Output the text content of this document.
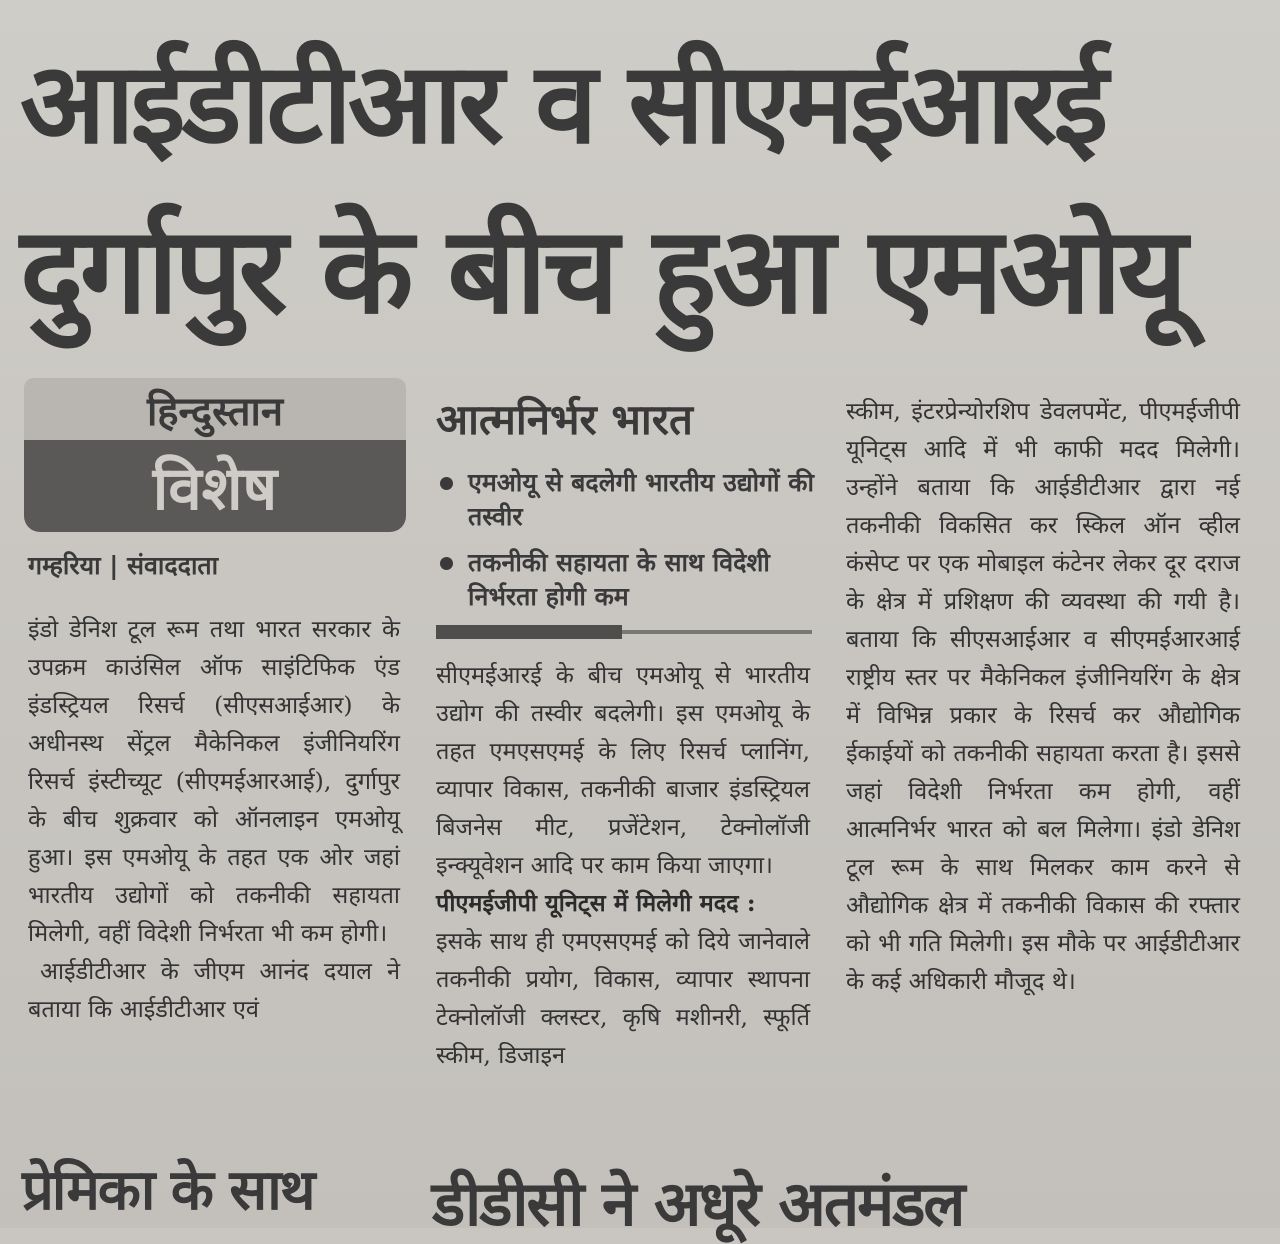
आईडीटीआर व सीएमईआरई
दुर्गापुर के बीच हुआ एमओयू
हिन्दुस्तान
विशेष
गम्हरिया | संवाददाता

इंडो डेनिश टूल रूम तथा भारत सरकार के उपक्रम काउंसिल ऑफ साइंटिफिक एंड इंडस्ट्रियल रिसर्च (सीएसआईआर) के अधीनस्थ सेंट्रल मैकेनिकल इंजीनियरिंग रिसर्च इंस्टीच्यूट (सीएमईआरआई), दुर्गापुर के बीच शुक्रवार को ऑनलाइन एमओयू हुआ। इस एमओयू के तहत एक ओर जहां भारतीय उद्योगों को तकनीकी सहायता मिलेगी, वहीं विदेशी निर्भरता भी कम होगी।

आईडीटीआर के जीएम आनंद दयाल ने बताया कि आईडीटीआर एवं

आत्मनिर्भर भारत
एमओयू से बदलेगी भारतीय उद्योगों की तस्वीर
तकनीकी सहायता के साथ विदेशी निर्भरता होगी कम

सीएमईआरई के बीच एमओयू से भारतीय उद्योग की तस्वीर बदलेगी। इस एमओयू के तहत एमएसएमई के लिए रिसर्च प्लानिंग, व्यापार विकास, तकनीकी बाजार इंडस्ट्रियल बिजनेस मीट, प्रजेंटेशन, टेक्नोलॉजी इन्क्यूवेशन आदि पर काम किया जाएगा।

पीएमईजीपी यूनिट्स में मिलेगी मदद :

इसके साथ ही एमएसएमई को दिये जानेवाले तकनीकी प्रयोग, विकास, व्यापार स्थापना टेक्नोलॉजी क्लस्टर, कृषि मशीनरी, स्फूर्ति स्कीम, डिजाइन

स्कीम, इंटरप्रेन्योरशिप डेवलपमेंट, पीएमईजीपी यूनिट्स आदि में भी काफी मदद मिलेगी। उन्होंने बताया कि आईडीटीआर द्वारा नई तकनीकी विकसित कर स्किल ऑन व्हील कंसेप्ट पर एक मोबाइल कंटेनर लेकर दूर दराज के क्षेत्र में प्रशिक्षण की व्यवस्था की गयी है। बताया कि सीएसआईआर व सीएमईआरआई राष्ट्रीय स्तर पर मैकेनिकल इंजीनियरिंग के क्षेत्र में विभिन्न प्रकार के रिसर्च कर औद्योगिक ईकाईयों को तकनीकी सहायता करता है। इससे जहां विदेशी निर्भरता कम होगी, वहीं आत्मनिर्भर भारत को बल मिलेगा। इंडो डेनिश टूल रूम के साथ मिलकर काम करने से औद्योगिक क्षेत्र में तकनीकी विकास की रफ्तार को भी गति मिलेगी। इस मौके पर आईडीटीआर के कई अधिकारी मौजूद थे।

प्रेमिका के साथ डीडीसी ने अधूरे अतमंडल
